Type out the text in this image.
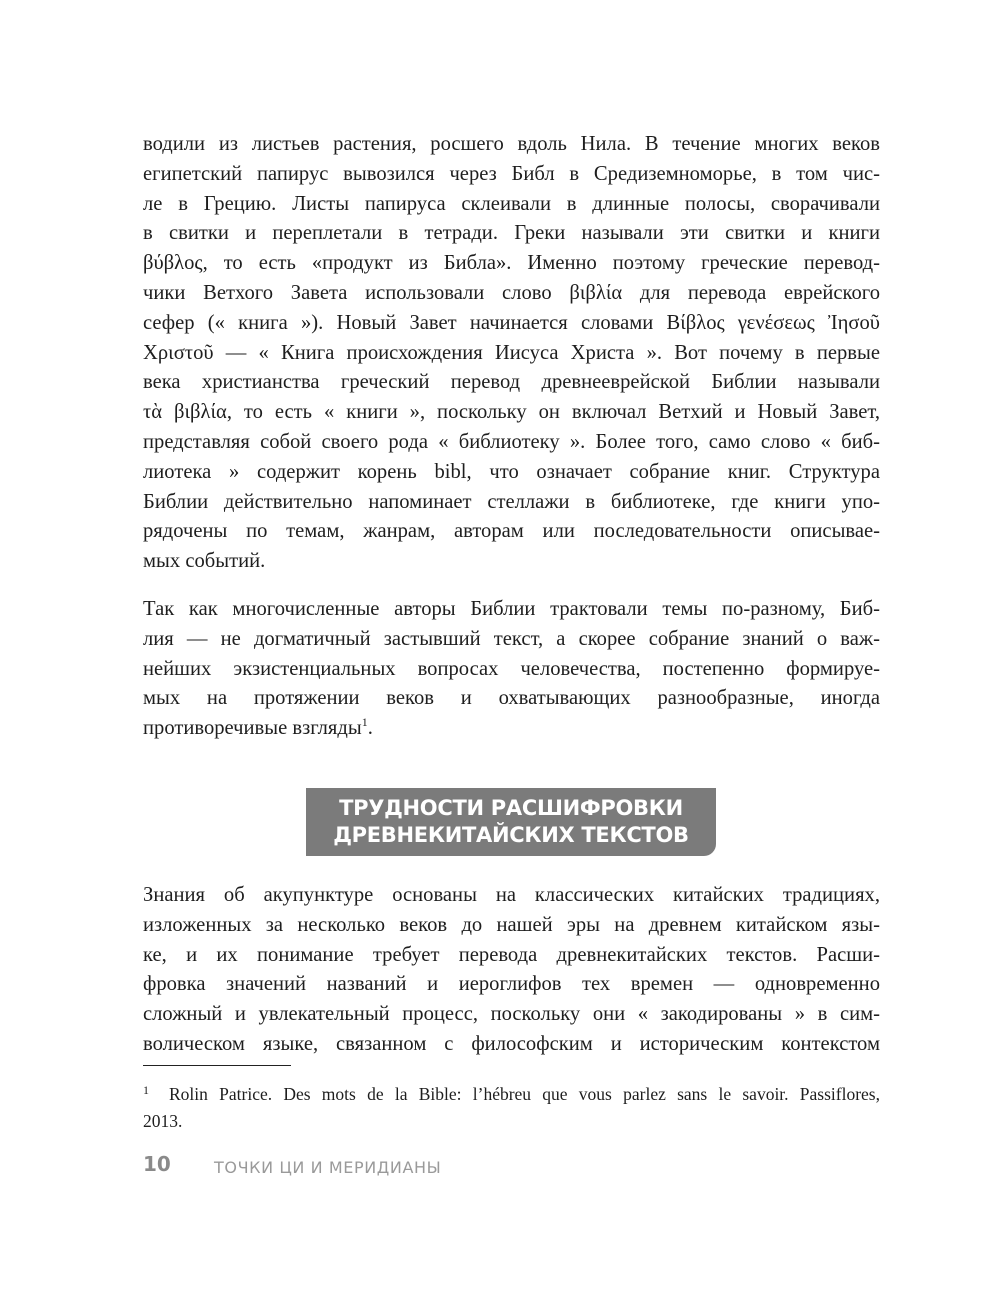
водили из листьев растения, росшего вдоль Нила. В течение многих веков
египетский папирус вывозился через Библ в Средиземноморье, в том чис-
ле в Грецию. Листы папируса склеивали в длинные полосы, сворачивали
в свитки и переплетали в тетради. Греки называли эти свитки и книги
βύβλος, то есть «продукт из Библа». Именно поэтому греческие перевод-
чики Ветхого Завета использовали слово βιβλία для перевода еврейского
сефер (« книга »). Новый Завет начинается словами Βίβλος γενέσεως Ἰησοῦ
Χριστοῦ — « Книга происхождения Иисуса Христа ». Вот почему в первые
века христианства греческий перевод древнееврейской Библии называли
τὰ βιβλία, то есть « книги », поскольку он включал Ветхий и Новый Завет,
представляя собой своего рода « библиотеку ». Более того, само слово « биб-
лиотека » содержит корень bibl, что означает собрание книг. Структура
Библии действительно напоминает стеллажи в библиотеке, где книги упо-
рядочены по темам, жанрам, авторам или последовательности описывае-
мых событий.
Так как многочисленные авторы Библии трактовали темы по-разному, Биб-
лия — не догматичный застывший текст, а скорее собрание знаний о важ-
нейших экзистенциальных вопросах человечества, постепенно формируе-
мых на протяжении веков и охватывающих разнообразные, иногда
противоречивые взгляды$^1$.
ТРУДНОСТИ РАСШИФРОВКИ
ДРЕВНЕКИТАЙСКИХ ТЕКСТОВ
Знания об акупунктуре основаны на классических китайских традициях,
изложенных за несколько веков до нашей эры на древнем китайском язы-
ке, и их понимание требует перевода древнекитайских текстов. Расши-
фровка значений названий и иероглифов тех времен — одновременно
сложный и увлекательный процесс, поскольку они « закодированы » в сим-
волическом языке, связанном с философским и историческим контекстом
1 Rolin Patrice. Des mots de la Bible: l’hébreu que vous parlez sans le savoir. Passiflores,
2013.
10	ТОЧКИ ЦИ И МЕРИДИАНЫ
